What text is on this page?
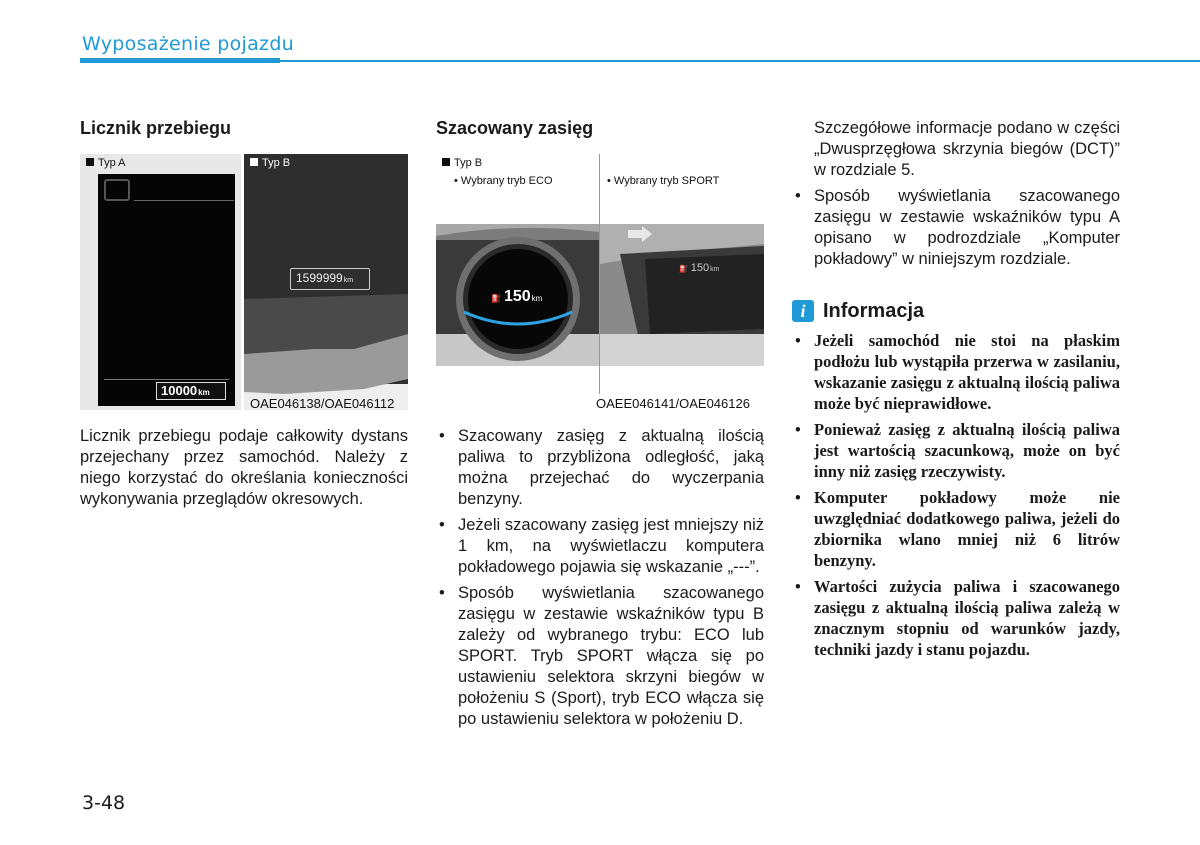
Wyposażenie pojazdu
Licznik przebiegu
Typ A
10000km
Typ B
1599999km
OAE046138/OAE046112
Licznik przebiegu podaje całkowity dystans przejechany przez samochód. Należy z niego korzystać do określania konieczności wykonywania przeglądów okresowych.
Szacowany zasięg
Typ B
• Wybrany tryb ECO	• Wybrany tryb SPORT
⛽ 150km
⛽ 150km
OAEE046141/OAE046126
• Szacowany zasięg z aktualną ilością paliwa to przybliżona odległość, jaką można przejechać do wyczerpania benzyny.
• Jeżeli szacowany zasięg jest mniejszy niż 1 km, na wyświetlaczu komputera pokładowego pojawia się wskazanie „---”.
• Sposób wyświetlania szacowanego zasięgu w zestawie wskaźników typu B zależy od wybranego trybu: ECO lub SPORT. Tryb SPORT włącza się po ustawieniu selektora skrzyni biegów w położeniu S (Sport), tryb ECO włącza się po ustawieniu selektora w położeniu D.
Szczegółowe informacje podano w części „Dwusprzęgłowa skrzynia biegów (DCT)” w rozdziale 5.
• Sposób wyświetlania szacowanego zasięgu w zestawie wskaźników typu A opisano w podrozdziale „Komputer pokładowy” w niniejszym rozdziale.
i Informacja
• Jeżeli samochód nie stoi na płaskim podłożu lub wystąpiła przerwa w zasilaniu, wskazanie zasięgu z aktualną ilością paliwa może być nieprawidłowe.
• Ponieważ zasięg z aktualną ilością paliwa jest wartością szacunkową, może on być inny niż zasięg rzeczywisty.
• Komputer pokładowy może nie uwzględniać dodatkowego paliwa, jeżeli do zbiornika wlano mniej niż 6 litrów benzyny.
• Wartości zużycia paliwa i szacowanego zasięgu z aktualną ilością paliwa zależą w znacznym stopniu od warunków jazdy, techniki jazdy i stanu pojazdu.
3-48
